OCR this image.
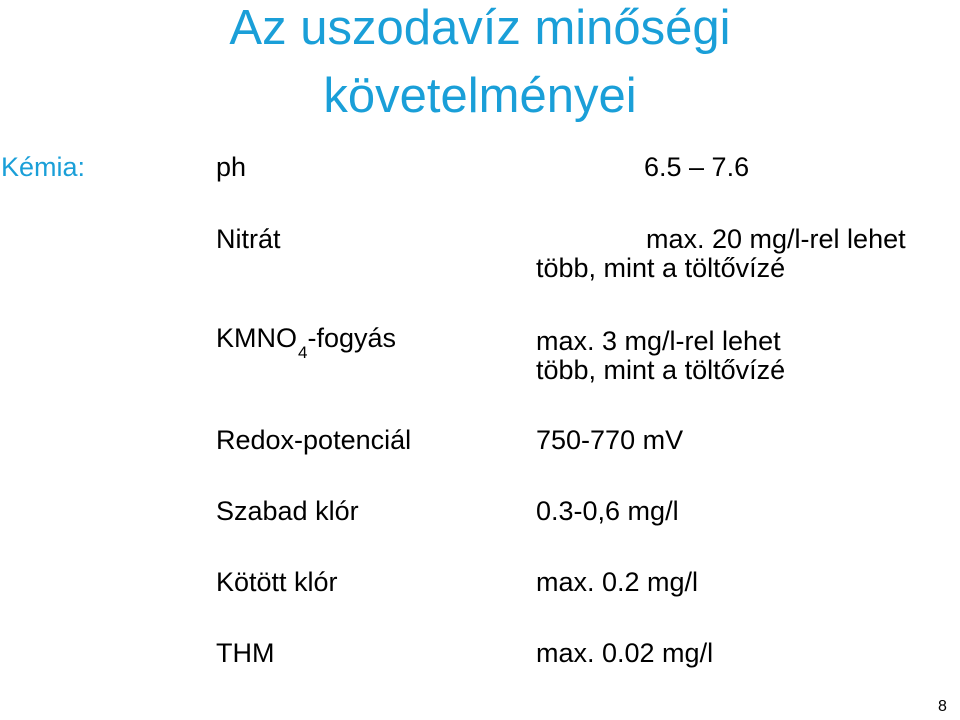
Az uszodavíz minőségi
követelményei
Kémia:	ph	6.5 – 7.6
Nitrát	max. 20 mg/l-rel lehet
több, mint a töltővízé
$KMNO_4$-fogyás	max. 3 mg/l-rel lehet
több, mint a töltővízé
Redox-potenciál	750-770 mV
Szabad klór	0.3-0,6 mg/l
Kötött klór	max. 0.2 mg/l
THM	max. 0.02 mg/l
8
